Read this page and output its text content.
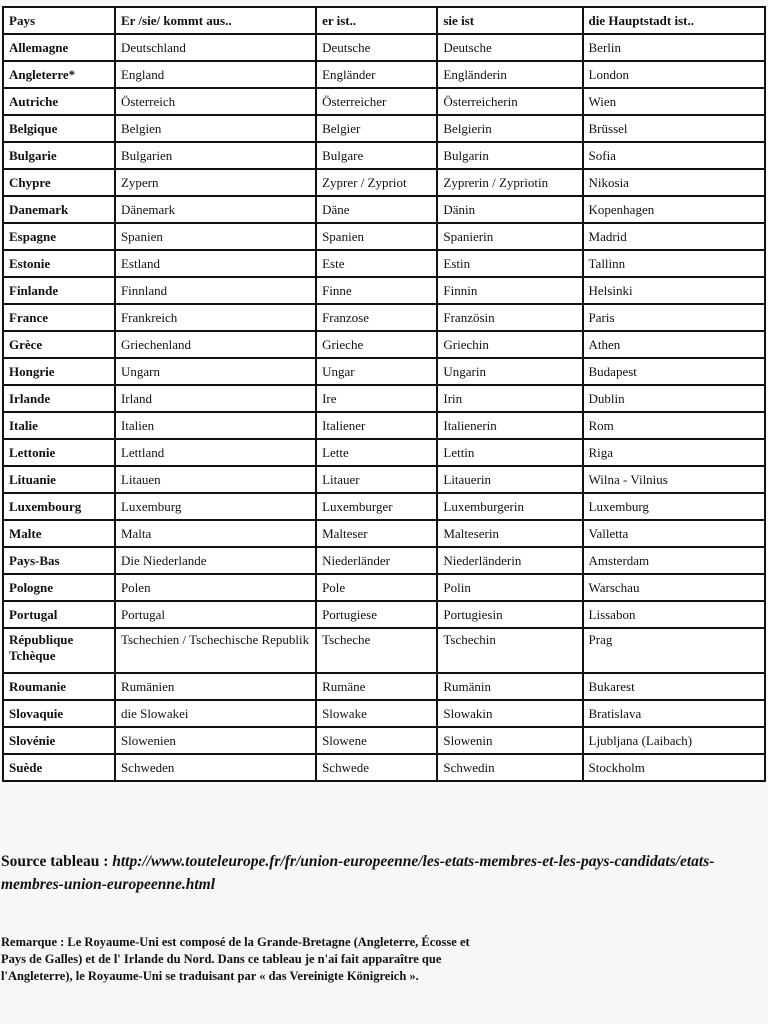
Pays	Er /sie/ kommt aus..	er ist..	sie ist	die Hauptstadt ist..
Allemagne	Deutschland	Deutsche	Deutsche	Berlin
Angleterre*	England	Engländer	Engländerin	London
Autriche	Österreich	Österreicher	Österreicherin	Wien
Belgique	Belgien	Belgier	Belgierin	Brüssel
Bulgarie	Bulgarien	Bulgare	Bulgarin	Sofia
Chypre	Zypern	Zyprer / Zypriot	Zyprerin / Zypriotin	Nikosia
Danemark	Dänemark	Däne	Dänin	Kopenhagen
Espagne	Spanien	Spanien	Spanierin	Madrid
Estonie	Estland	Este	Estin	Tallinn
Finlande	Finnland	Finne	Finnin	Helsinki
France	Frankreich	Franzose	Französin	Paris
Grèce	Griechenland	Grieche	Griechin	Athen
Hongrie	Ungarn	Ungar	Ungarin	Budapest
Irlande	Irland	Ire	Irin	Dublin
Italie	Italien	Italiener	Italienerin	Rom
Lettonie	Lettland	Lette	Lettin	Riga
Lituanie	Litauen	Litauer	Litauerin	Wilna - Vilnius
Luxembourg	Luxemburg	Luxemburger	Luxemburgerin	Luxemburg
Malte	Malta	Malteser	Malteserin	Valletta
Pays-Bas	Die Niederlande	Niederländer	Niederländerin	Amsterdam
Pologne	Polen	Pole	Polin	Warschau
Portugal	Portugal	Portugiese	Portugiesin	Lissabon
République Tchèque	Tschechien / Tschechische Republik	Tscheche	Tschechin	Prag
Roumanie	Rumänien	Rumäne	Rumänin	Bukarest
Slovaquie	die Slowakei	Slowake	Slowakin	Bratislava
Slovénie	Slowenien	Slowene	Slowenin	Ljubljana (Laibach)
Suède	Schweden	Schwede	Schwedin	Stockholm
Source tableau : http://www.touteleurope.fr/fr/union-europeenne/les-etats-membres-et-les-pays-candidats/etats-membres-union-europeenne.html
Remarque : Le Royaume-Uni est composé de la Grande-Bretagne (Angleterre, Écosse et Pays de Galles) et de l' Irlande du Nord. Dans ce tableau je n'ai fait apparaître que l'Angleterre), le Royaume-Uni se traduisant par « das Vereinigte Königreich ».
